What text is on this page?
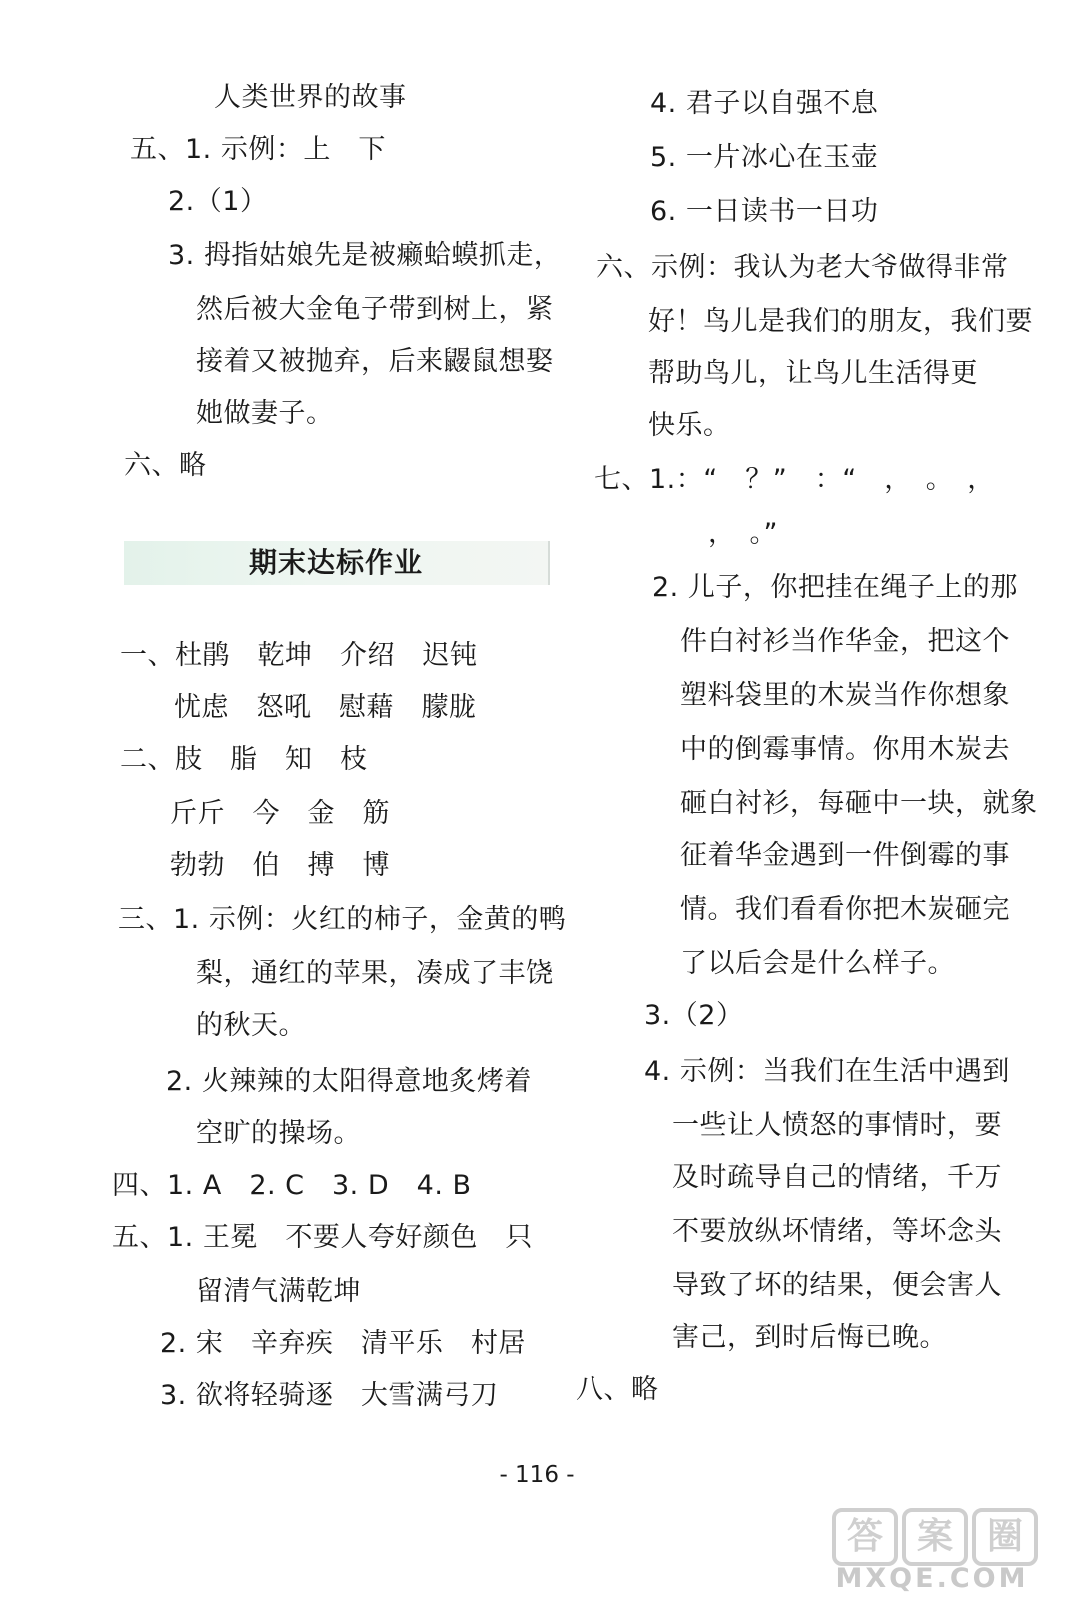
人类世界的故事
五、1. 示例：上　下
2.（1）
3. 拇指姑娘先是被癞蛤蟆抓走，
然后被大金龟子带到树上，紧
接着又被抛弃，后来鼹鼠想娶
她做妻子。
六、略
期末达标作业
一、杜鹃　乾坤　介绍　迟钝
忧虑　怒吼　慰藉　朦胧
二、肢　脂　知　枝
斤斤　今　金　筋
勃勃　伯　搏　博
三、1. 示例：火红的柿子，金黄的鸭
梨，通红的苹果，凑成了丰饶
的秋天。
2. 火辣辣的太阳得意地炙烤着
空旷的操场。
四、1. A　2. C　3. D　4. B
五、1. 王冕　不要人夸好颜色　只
留清气满乾坤
2. 宋　辛弃疾　清平乐　村居
3. 欲将轻骑逐　大雪满弓刀
4. 君子以自强不息
5. 一片冰心在玉壶
6. 一日读书一日功
六、示例：我认为老大爷做得非常
好！鸟儿是我们的朋友，我们要
帮助鸟儿，让鸟儿生活得更
快乐。
七、1.：“　？”　：“　，　。　，
，　。”
2. 儿子，你把挂在绳子上的那
件白衬衫当作华金，把这个
塑料袋里的木炭当作你想象
中的倒霉事情。你用木炭去
砸白衬衫，每砸中一块，就象
征着华金遇到一件倒霉的事
情。我们看看你把木炭砸完
了以后会是什么样子。
3.（2）
4. 示例：当我们在生活中遇到
一些让人愤怒的事情时，要
及时疏导自己的情绪，千万
不要放纵坏情绪，等坏念头
导致了坏的结果，便会害人
害己，到时后悔已晚。
八、略
- 116 -
答 案 圈
MXQE.COM
